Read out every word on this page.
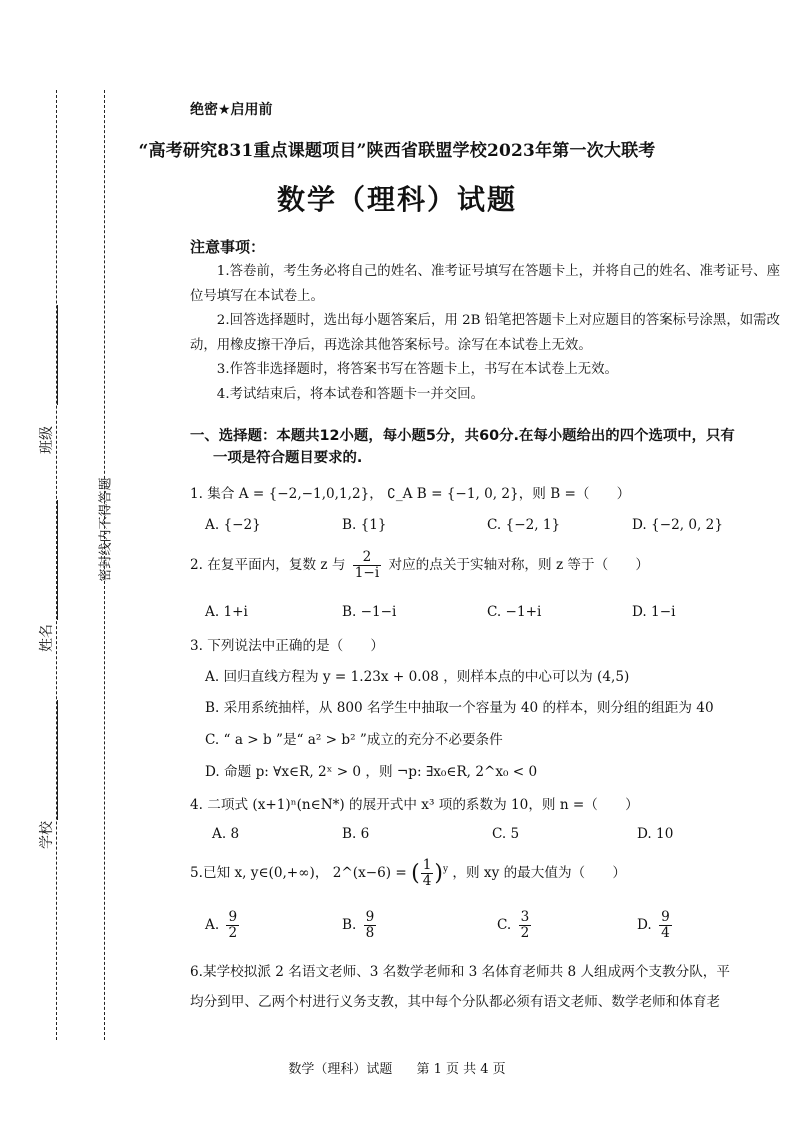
班级
姓名
学校
密封线内不得答题
绝密★启用前
“高考研究831重点课题项目”陕西省联盟学校2023年第一次大联考
数学（理科）试题
注意事项：

1.答卷前，考生务必将自己的姓名、准考证号填写在答题卡上，并将自己的姓名、准考证号、座位号填写在本试卷上。

2.回答选择题时，选出每小题答案后，用 2B 铅笔把答题卡上对应题目的答案标号涂黑，如需改动，用橡皮擦干净后，再选涂其他答案标号。涂写在本试卷上无效。

3.作答非选择题时，将答案书写在答题卡上，书写在本试卷上无效。

4.考试结束后，将本试卷和答题卡一并交回。

一、选择题：本题共12小题，每小题5分，共60分.在每小题给出的四个选项中，只有
一项是符合题目要求的.
1. 集合 A = {−2,−1,0,1,2}， ∁_A B = {−1, 0, 2}，则 B =（　　）
A. {−2}	B. {1}	C. {−2, 1}	D. {−2, 0, 2}
2. 在复平面内，复数 z 与 $\frac{2}{1-i}$ 对应的点关于实轴对称，则 z 等于（　　）
A. 1+i	B. −1−i	C. −1+i	D. 1−i
3. 下列说法中正确的是（　　）
A. 回归直线方程为 y = 1.23x + 0.08 ，则样本点的中心可以为 (4,5)
B. 采用系统抽样，从 800 名学生中抽取一个容量为 40 的样本，则分组的组距为 40
C. “ a > b ”是“ a² > b² ”成立的充分不必要条件
D. 命题 p: ∀x∈R, 2ˣ > 0 ，则 ¬p: ∃x₀∈R, 2^x₀ < 0
4. 二项式 (x+1)ⁿ(n∈N*) 的展开式中 x³ 项的系数为 10，则 n =（　　）
A. 8	B. 6	C. 5	D. 10
5.已知 x, y∈(0,+∞)， 2^(x−6) = ( $\frac{1}{4} )^y$ ，则 xy 的最大值为（　　）
A. $\frac{9}{2}$	B. $\frac{9}{8}$	C. $\frac{3}{2}$	D. $\frac{9}{4}$
6.某学校拟派 2 名语文老师、3 名数学老师和 3 名体育老师共 8 人组成两个支教分队，平
均分到甲、乙两个村进行义务支教，其中每个分队都必须有语文老师、数学老师和体育老
数学（理科）试题 第 1 页 共 4 页
